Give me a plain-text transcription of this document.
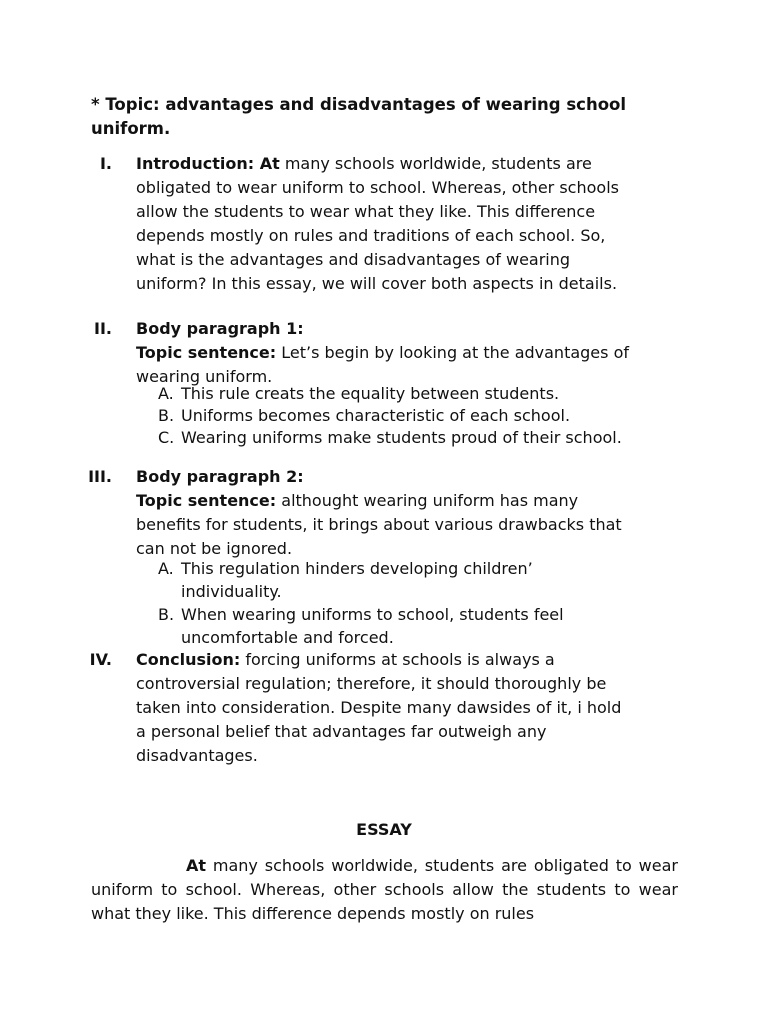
* Topic: advantages and disadvantages of wearing school uniform.
I. Introduction: At many schools worldwide, students are
obligated to wear uniform to school. Whereas, other schools
allow the students to wear what they like. This difference
depends mostly on rules and traditions of each school. So,
what is the advantages and disadvantages of wearing
uniform? In this essay, we will cover both aspects in details.
II. Body paragraph 1:
Topic sentence: Let’s begin by looking at the advantages of
wearing uniform.
A. This rule creats the equality between students.
B. Uniforms becomes characteristic of each school.
C. Wearing uniforms make students proud of their school.
III. Body paragraph 2:
Topic sentence: althought wearing uniform has many
benefits for students, it brings about various drawbacks that
can not be ignored.
A. This regulation hinders developing children’
individuality.
B. When wearing uniforms to school, students feel
uncomfortable and forced.
IV. Conclusion: forcing uniforms at schools is always a
controversial regulation; therefore, it should thoroughly be
taken into consideration. Despite many dawsides of it, i hold
a personal belief that advantages far outweigh any
disadvantages.
ESSAY
At many schools worldwide, students are obligated to wear uniform to school. Whereas, other schools allow the students to wear what they like. This difference depends mostly on rules
